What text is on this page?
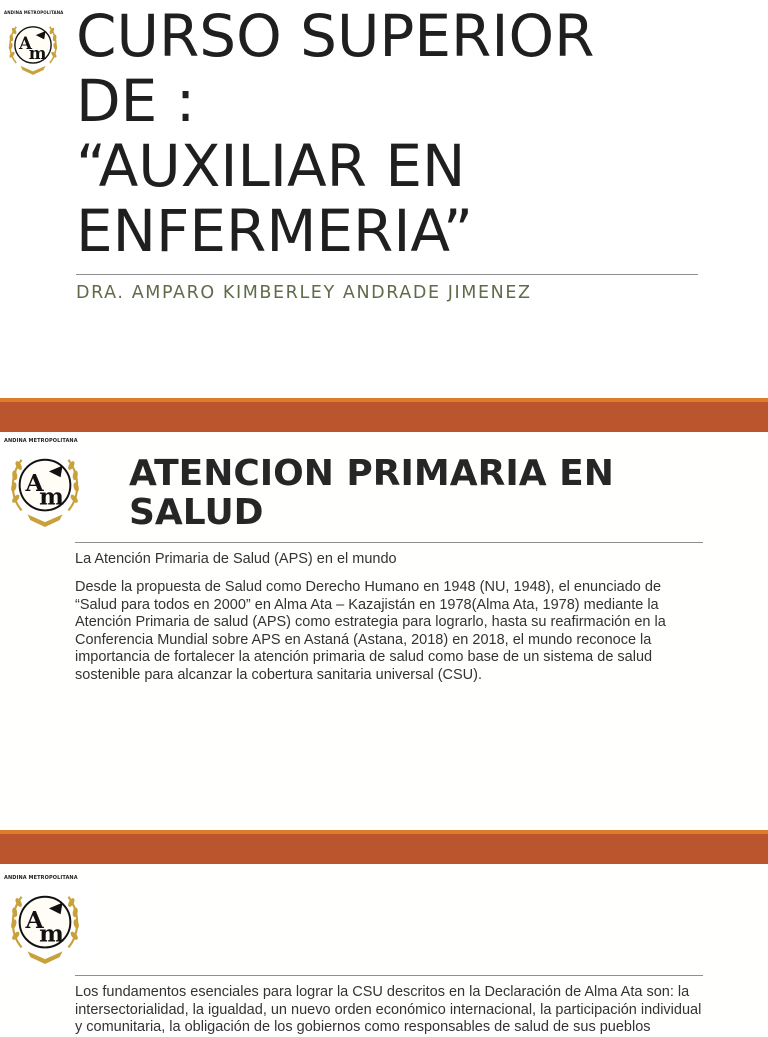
ANDINA METROPOLITANA
A
m CURSO SUPERIOR
DE :
“AUXILIAR EN
ENFERMERIA”
DRA. AMPARO KIMBERLEY ANDRADE JIMENEZ
ANDINA METROPOLITANA
A
m
ATENCION PRIMARIA EN SALUD

La Atención Primaria de Salud (APS) en el mundo

Desde la propuesta de Salud como Derecho Humano en 1948 (NU, 1948), el enunciado de “Salud para todos en 2000” en Alma Ata – Kazajistán en 1978(Alma Ata, 1978) mediante la Atención Primaria de salud (APS) como estrategia para lograrlo, hasta su reafirmación en la Conferencia Mundial sobre APS en Astaná (Astana, 2018) en 2018, el mundo reconoce la importancia de fortalecer la atención primaria de salud como base de un sistema de salud sostenible para alcanzar la cobertura sanitaria universal (CSU).

ANDINA METROPOLITANA
A
m

Los fundamentos esenciales para lograr la CSU descritos en la Declaración de Alma Ata son: la intersectorialidad, la igualdad, un nuevo orden económico internacional, la participación individual y comunitaria, la obligación de los gobiernos como responsables de salud de sus pueblos
